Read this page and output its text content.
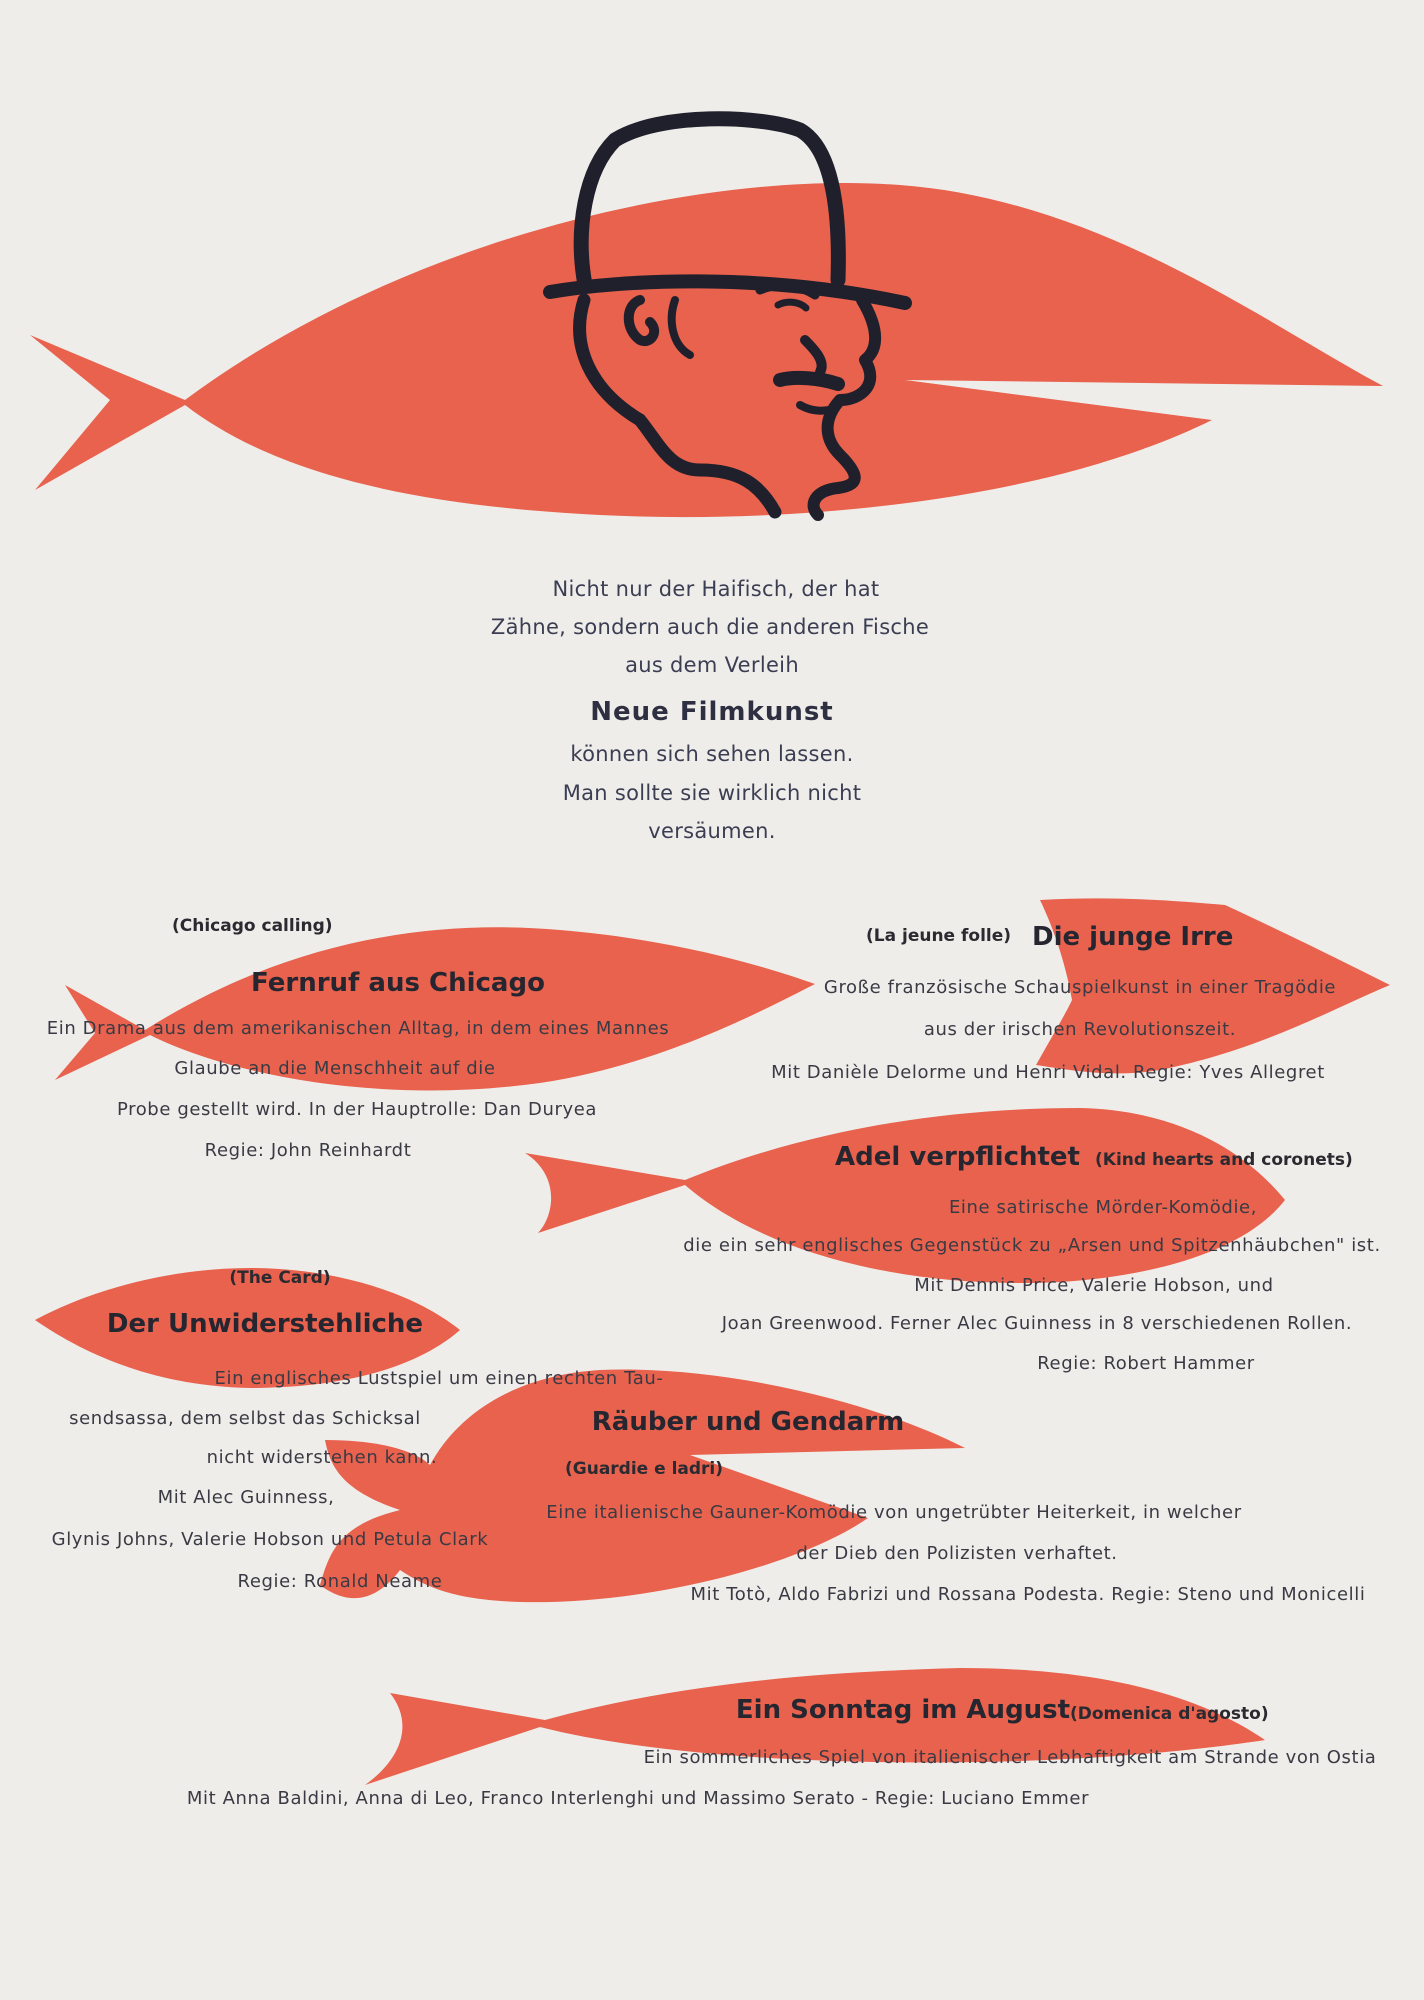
Nicht nur der Haifisch, der hat

Zähne, sondern auch die anderen Fische

aus dem Verleih

Neue Filmkunst

können sich sehen lassen.

Man sollte sie wirklich nicht

versäumen.

(Chicago calling)

Fernruf aus Chicago

Ein Drama aus dem amerikanischen Alltag, in dem eines Mannes

Glaube an die Menschheit auf die

Probe gestellt wird. In der Hauptrolle: Dan Duryea

Regie: John Reinhardt

(La jeune folle) Die junge Irre

Große französische Schauspielkunst in einer Tragödie

aus der irischen Revolutionszeit.

Mit Danièle Delorme und Henri Vidal. Regie: Yves Allegret

Adel verpflichtet (Kind hearts and coronets)

Eine satirische Mörder-Komödie,

die ein sehr englisches Gegenstück zu „Arsen und Spitzenhäubchen" ist.

Mit Dennis Price, Valerie Hobson, und

Joan Greenwood. Ferner Alec Guinness in 8 verschiedenen Rollen.

Regie: Robert Hammer

(The Card)

Der Unwiderstehliche

Ein englisches Lustspiel um einen rechten Tau-

sendsassa, dem selbst das Schicksal

nicht widerstehen kann.

Mit Alec Guinness,

Glynis Johns, Valerie Hobson und Petula Clark

Regie: Ronald Neame

Räuber und Gendarm

(Guardie e ladri)

Eine italienische Gauner-Komödie von ungetrübter Heiterkeit, in welcher

der Dieb den Polizisten verhaftet.

Mit Totò, Aldo Fabrizi und Rossana Podesta. Regie: Steno und Monicelli

Ein Sonntag im August (Domenica d'agosto)

Ein sommerliches Spiel von italienischer Lebhaftigkeit am Strande von Ostia

Mit Anna Baldini, Anna di Leo, Franco Interlenghi und Massimo Serato - Regie: Luciano Emmer
